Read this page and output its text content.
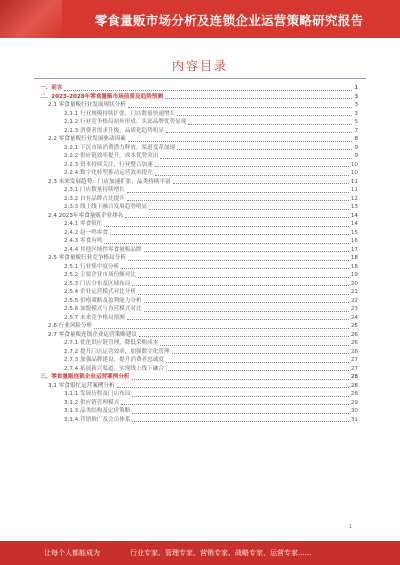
零食量贩市场分析及连锁企业运营策略研究报告
内容目录
一、前言	1
二、2023-2028年零食量贩市场前景及趋势预测	3
2.1 零食量贩行业发展现状分析	3
2.1.1 行业规模持续扩张，门店数量快速增长	3
2.1.2 行业竞争格局初步形成，头部品牌优势显现	5
2.1.3 消费者需求升级，品质化趋势明显	7
2.2 零食量贩行业发展驱动因素	8
2.2.1 下沉市场消费潜力释放，渠道变革加速	9
2.2.2 供应链效率提升，成本优势突出	9
2.2.3 资本持续关注，行业整合加速	10
2.2.4 数字化转型推动运营效率提升	10
2.3 未来发展趋势：门店加速扩张，品类持续丰富	11
2.3.1 门店数量持续增长	11
2.3.2 自有品牌占比提升	12
2.3.3 线上线下融合发展趋势明显	13
2.4 2023年零食量贩企业排名	14
2.4.1 零食很忙	14
2.4.2 赵一鸣零食	15
2.4.3 零食有鸣	16
2.4.4 其他区域性零食量贩品牌	17
2.5 零食量贩行业竞争格局分析	18
2.5.1 行业集中度分析	18
2.5.2 主要企业市场份额对比	19
2.5.3 门店分布及区域布局	20
2.5.4 企业运营模式对比分析	21
2.5.5 价格策略及盈利能力分析	22
2.5.6 加盟模式与直营模式对比	23
2.5.7 未来竞争格局预测	24
2.6 行业风险分析	25
2.7 零食量贩连锁企业运营策略建议	26
2.7.1 优化供应链管理，降低采购成本	26
2.7.2 提升门店运营效率，加强数字化管理	26
2.7.3 加强品牌建设，提升消费者忠诚度	27
2.7.4 拓展新兴渠道，实现线上线下融合	27
三、零食量贩连锁企业运营案例分析	28
3.1 零食很忙运营案例分析	28
3.1.1 发展历程及门店布局	28
3.1.2 供应链管理模式	29
3.1.3 品类结构及定价策略	30
3.1.4 营销推广及会员体系	31
1
让每个人都能成为	行业专家、管理专家、营销专家、战略专家、运营专家......
